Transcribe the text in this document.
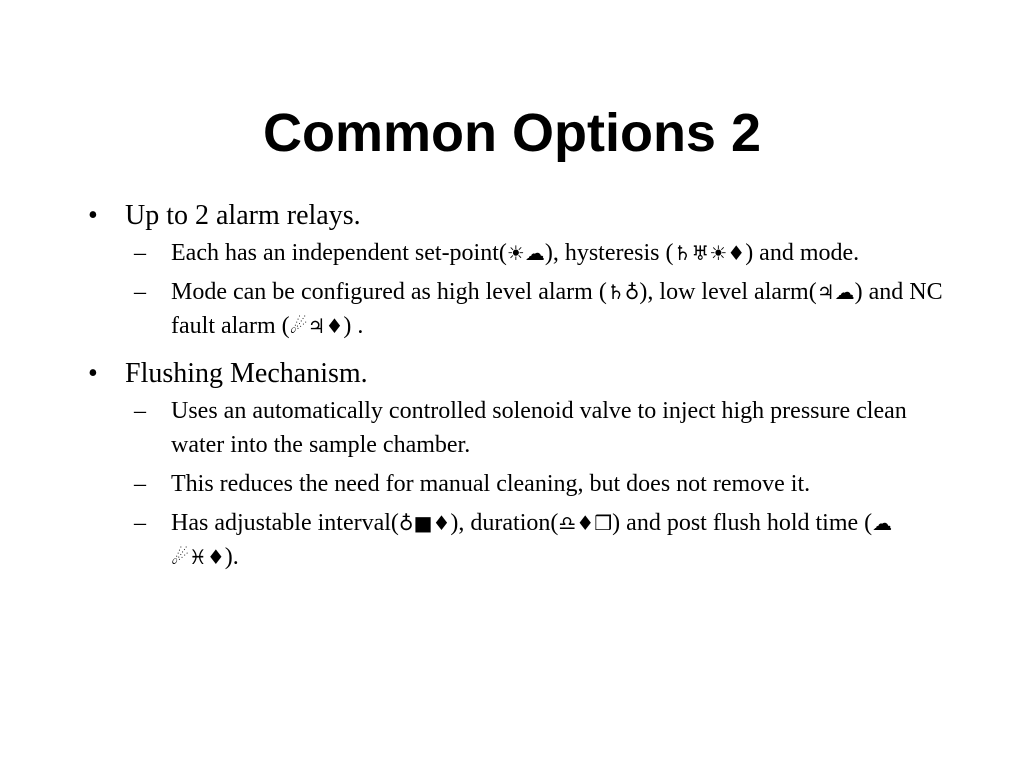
Common Options 2
• Up to 2 alarm relays.
– Each has an independent set-point(☀☁), hysteresis (♄♅☀♦) and mode.
– Mode can be configured as high level alarm (♄♁), low level alarm(♃☁) and NC fault alarm (☄♃♦) .
• Flushing Mechanism.
– Uses an automatically controlled solenoid valve to inject high pressure clean water into the sample chamber.
– This reduces the need for manual cleaning, but does not remove it.
– Has adjustable interval(♁■♦), duration(♎♦❒) and post flush hold time (☁☄♓♦).
